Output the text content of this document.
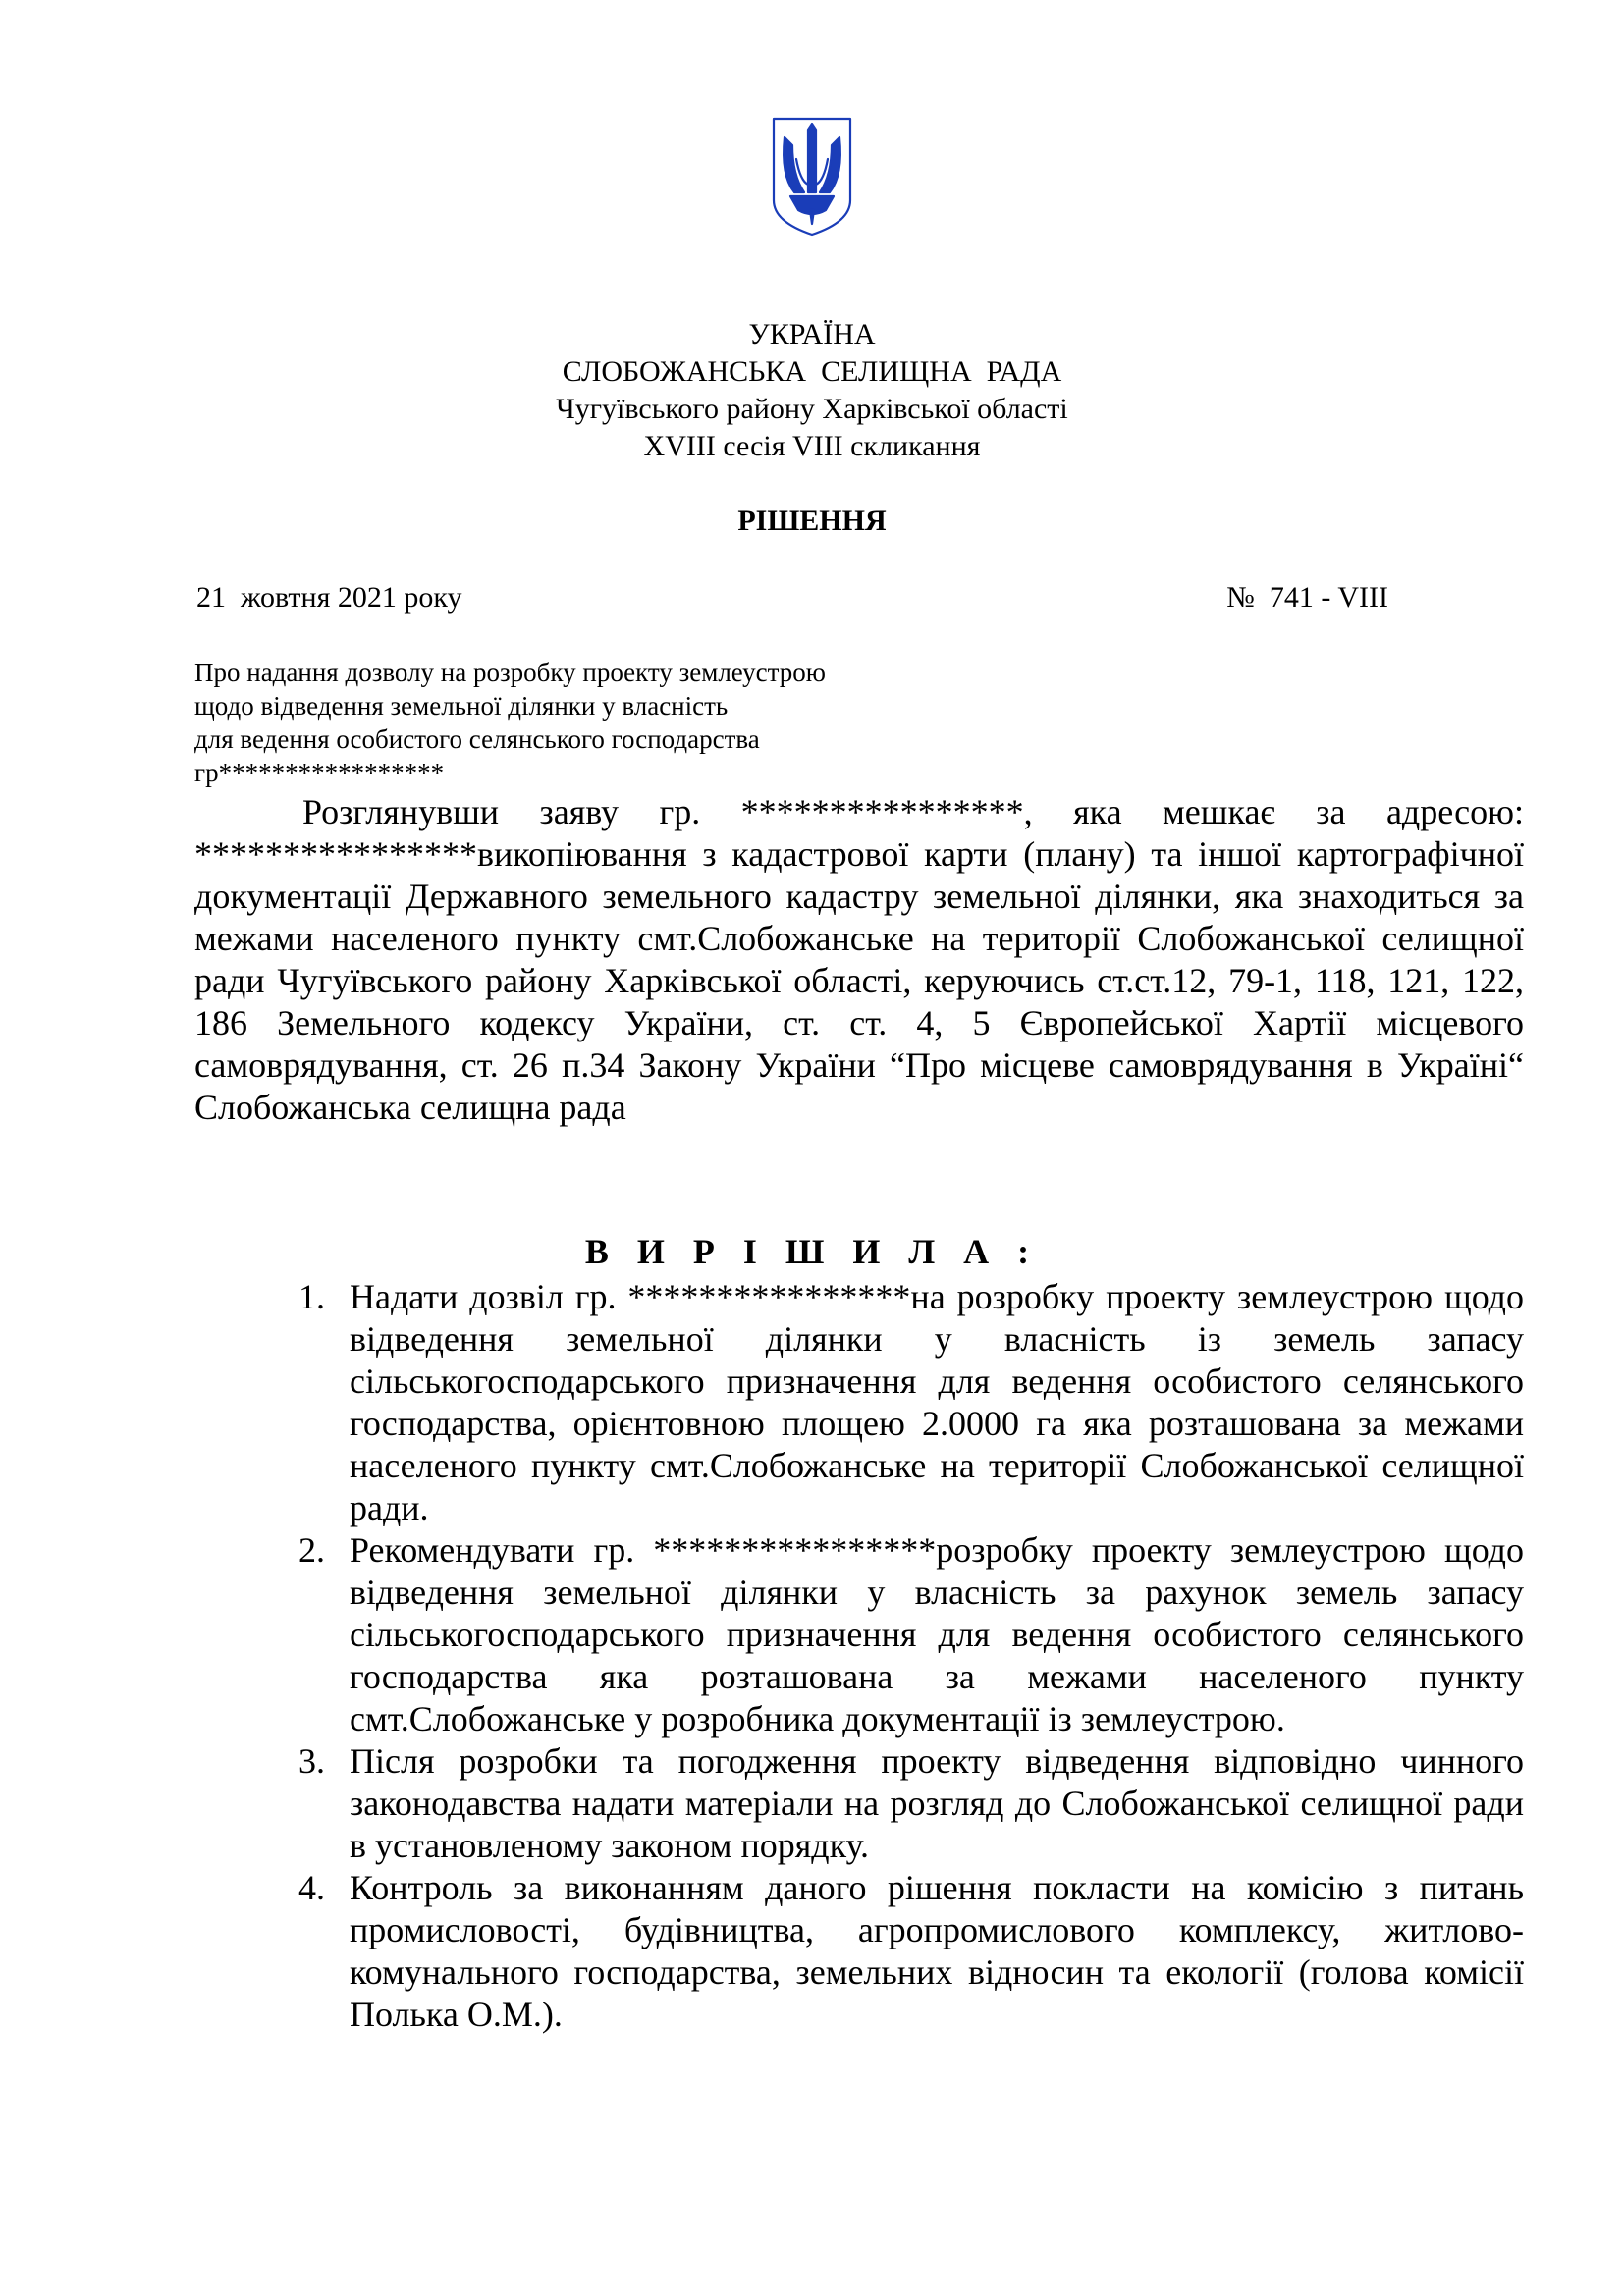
УКРАЇНА
СЛОБОЖАНСЬКА  СЕЛИЩНА  РАДА
Чугуївського району Харківської області
XVIII сесія VIII скликання
РІШЕННЯ
21  жовтня 2021 року	№  741 - VIII
Про надання дозволу на розробку проекту землеустрою
щодо відведення земельної ділянки у власність
для ведення особистого селянського господарства
гр*****************

Розглянувши заяву гр. ****************, яка мешкає за адресою: ****************викопіювання з кадастрової карти (плану) та іншої картографічної документації Державного земельного кадастру земельної ділянки, яка знаходиться за межами населеного пункту смт.Слобожанське на території Слобожанської селищної ради Чугуївського району Харківської області, керуючись ст.ст.12, 79-1, 118, 121, 122, 186 Земельного кодексу України, ст. ст. 4, 5 Європейської Хартії місцевого самоврядування, ст. 26 п.34 Закону України “Про місцеве самоврядування в Україні“ Слобожанська селищна рада

В И Р І Ш И Л А :
1. Надати дозвіл гр. ****************на розробку проекту землеустрою щодо відведення земельної ділянки у власність із земель запасу сільськогосподарського призначення для ведення особистого селянського господарства, орієнтовною площею 2.0000 га яка розташована за межами населеного пункту смт.Слобожанське на території Слобожанської селищної ради.
2. Рекомендувати гр. ****************розробку проекту землеустрою щодо відведення земельної ділянки у власність за рахунок земель запасу сільськогосподарського призначення для ведення особистого селянського господарства яка розташована за межами населеного пункту смт.Слобожанське у розробника документації із землеустрою.
3. Після розробки та погодження проекту відведення відповідно чинного законодавства надати матеріали на розгляд до Слобожанської селищної ради в установленому законом порядку.
4. Контроль за виконанням даного рішення покласти на комісію з питань промисловості, будівництва, агропромислового комплексу, житлово-комунального господарства, земельних відносин та екології (голова комісії Полька О.М.).
